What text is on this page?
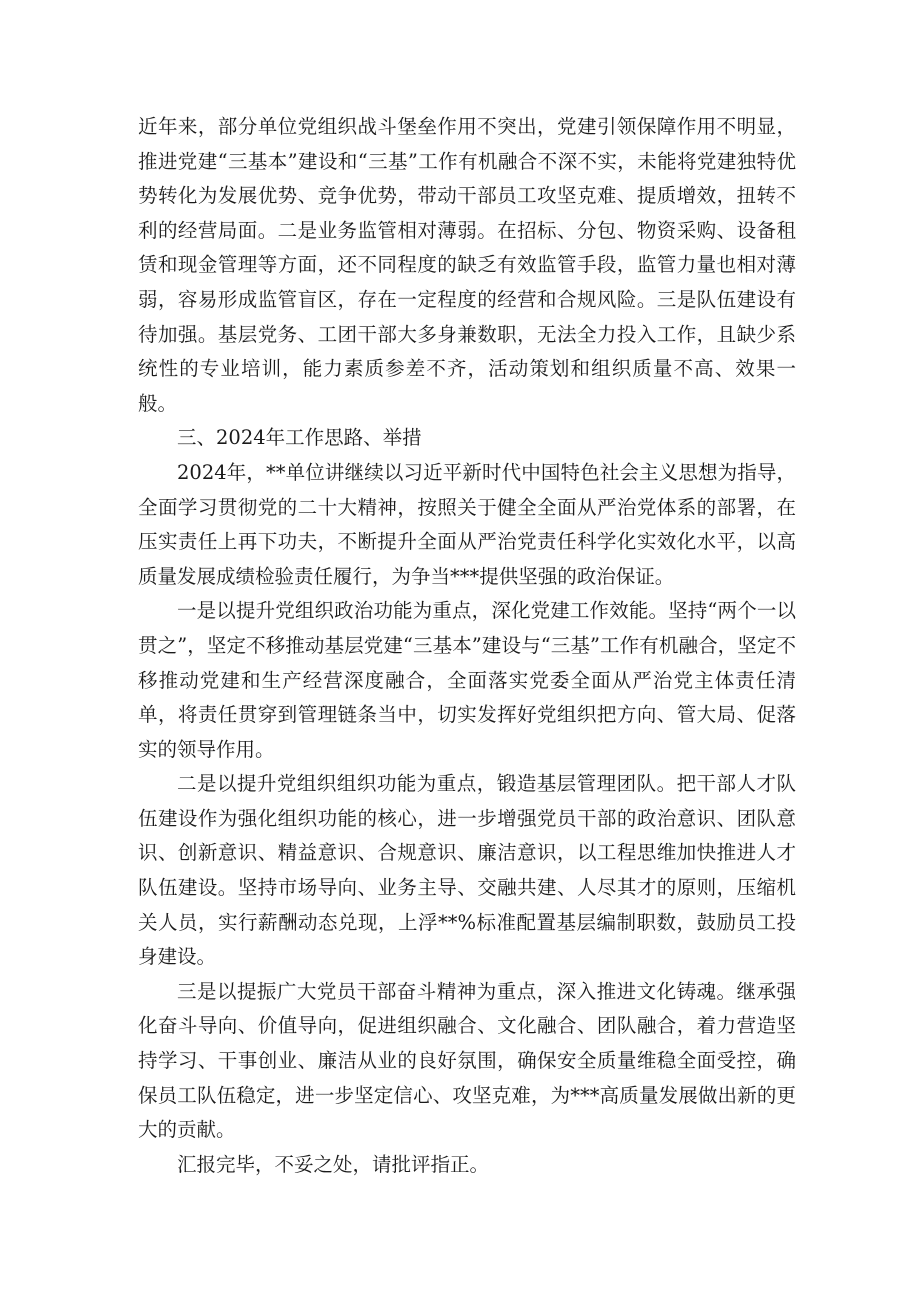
近年来，部分单位党组织战斗堡垒作用不突出，党建引领保障作用不明显，推进党建“三基本”建设和“三基”工作有机融合不深不实，未能将党建独特优势转化为发展优势、竞争优势，带动干部员工攻坚克难、提质增效，扭转不利的经营局面。二是业务监管相对薄弱。在招标、分包、物资采购、设备租赁和现金管理等方面，还不同程度的缺乏有效监管手段，监管力量也相对薄弱，容易形成监管盲区，存在一定程度的经营和合规风险。三是队伍建设有待加强。基层党务、工团干部大多身兼数职，无法全力投入工作，且缺少系统性的专业培训，能力素质参差不齐，活动策划和组织质量不高、效果一般。

三、2024年工作思路、举措

2024年，**单位讲继续以习近平新时代中国特色社会主义思想为指导，全面学习贯彻党的二十大精神，按照关于健全全面从严治党体系的部署，在压实责任上再下功夫，不断提升全面从严治党责任科学化实效化水平，以高质量发展成绩检验责任履行，为争当***提供坚强的政治保证。

一是以提升党组织政治功能为重点，深化党建工作效能。坚持“两个一以贯之”，坚定不移推动基层党建“三基本”建设与“三基”工作有机融合，坚定不移推动党建和生产经营深度融合，全面落实党委全面从严治党主体责任清单，将责任贯穿到管理链条当中，切实发挥好党组织把方向、管大局、促落实的领导作用。

二是以提升党组织组织功能为重点，锻造基层管理团队。把干部人才队伍建设作为强化组织功能的核心，进一步增强党员干部的政治意识、团队意识、创新意识、精益意识、合规意识、廉洁意识，以工程思维加快推进人才队伍建设。坚持市场导向、业务主导、交融共建、人尽其才的原则，压缩机关人员，实行薪酬动态兑现，上浮**%标准配置基层编制职数，鼓励员工投身建设。

三是以提振广大党员干部奋斗精神为重点，深入推进文化铸魂。继承强化奋斗导向、价值导向，促进组织融合、文化融合、团队融合，着力营造坚持学习、干事创业、廉洁从业的良好氛围，确保安全质量维稳全面受控，确保员工队伍稳定，进一步坚定信心、攻坚克难，为***高质量发展做出新的更大的贡献。

汇报完毕，不妥之处，请批评指正。
